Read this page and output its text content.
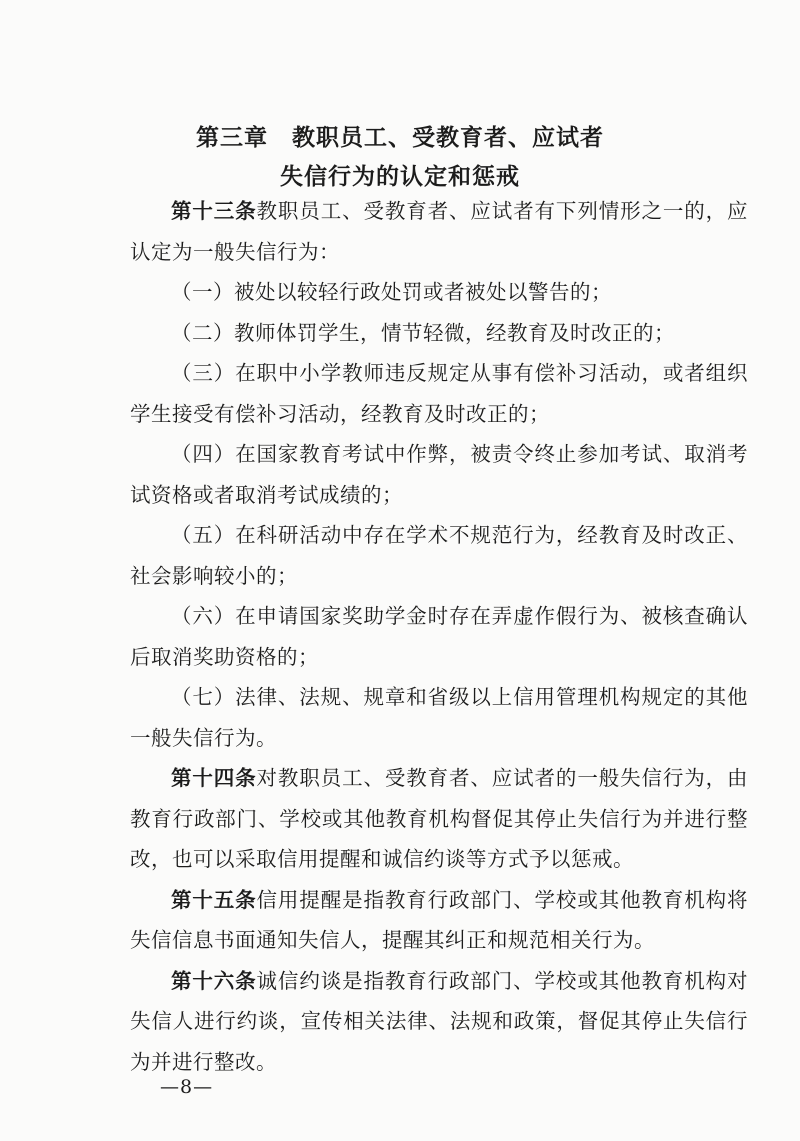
第三章　教职员工、受教育者、应试者
失信行为的认定和惩戒

第十三条教职员工、受教育者、应试者有下列情形之一的，应认定为一般失信行为：

（一）被处以较轻行政处罚或者被处以警告的；

（二）教师体罚学生，情节轻微，经教育及时改正的；

（三）在职中小学教师违反规定从事有偿补习活动，或者组织学生接受有偿补习活动，经教育及时改正的；

（四）在国家教育考试中作弊，被责令终止参加考试、取消考试资格或者取消考试成绩的；

（五）在科研活动中存在学术不规范行为，经教育及时改正、社会影响较小的；

（六）在申请国家奖助学金时存在弄虚作假行为、被核查确认后取消奖助资格的；

（七）法律、法规、规章和省级以上信用管理机构规定的其他一般失信行为。

第十四条对教职员工、受教育者、应试者的一般失信行为，由教育行政部门、学校或其他教育机构督促其停止失信行为并进行整改，也可以采取信用提醒和诚信约谈等方式予以惩戒。

第十五条信用提醒是指教育行政部门、学校或其他教育机构将失信信息书面通知失信人，提醒其纠正和规范相关行为。

第十六条诚信约谈是指教育行政部门、学校或其他教育机构对失信人进行约谈，宣传相关法律、法规和政策，督促其停止失信行为并进行整改。

—8—
